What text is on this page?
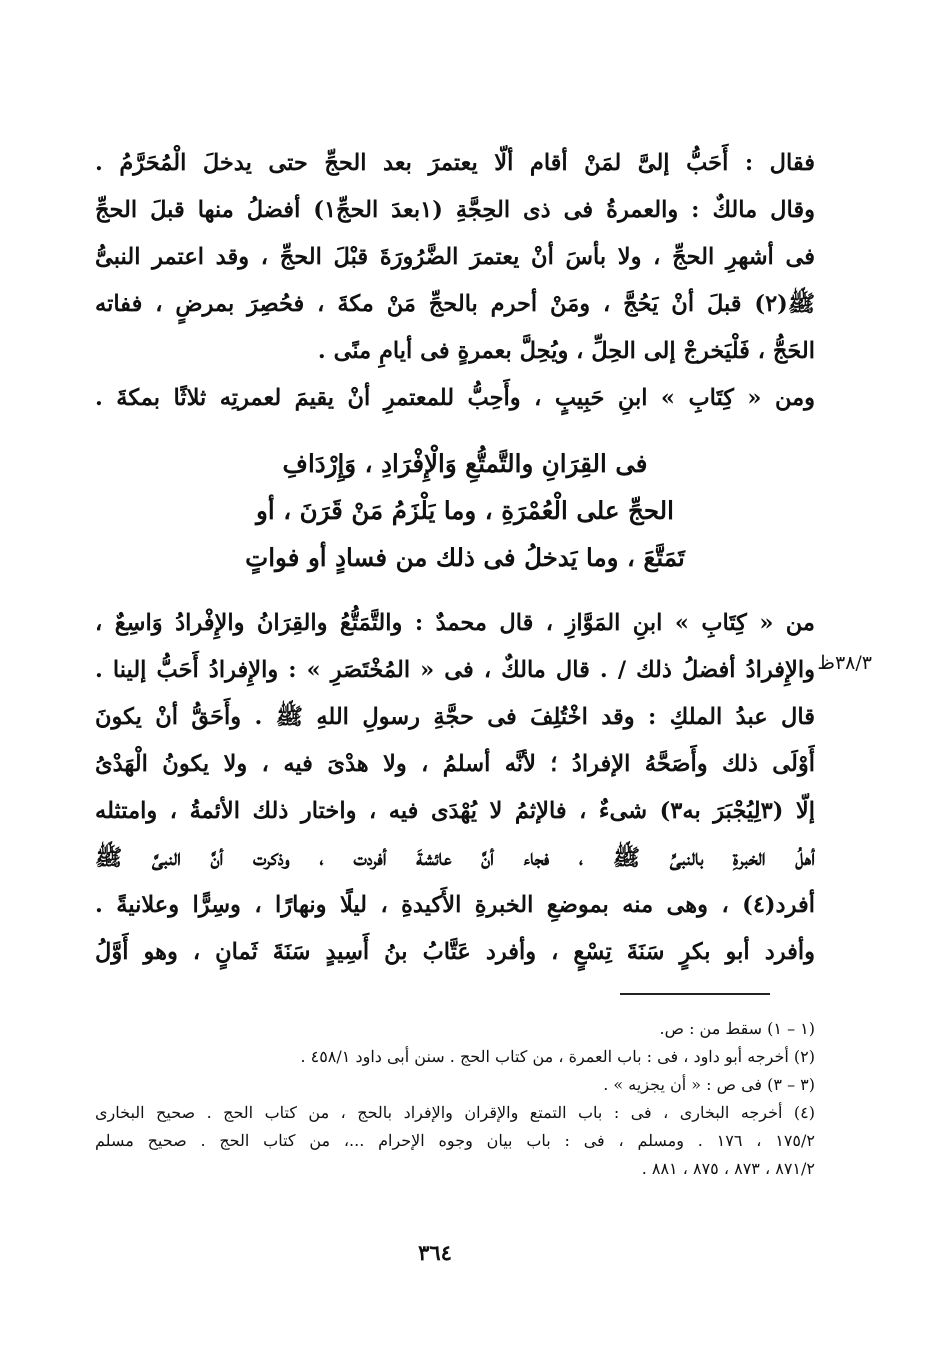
فقال : أَحَبُّ إلىَّ لمَنْ أقام ألّا يعتمرَ بعد الحجِّ حتى يدخلَ الْمُحَرَّمُ .
وقال مالكٌ : والعمرةُ فى ذى الحِجَّةِ (١بعدَ الحجِّ١) أفضلُ منها قبلَ الحجِّ
فى أشهرِ الحجِّ ، ولا بأسَ أنْ يعتمرَ الضَّرُورَةَ قبْلَ الحجِّ ، وقد اعتمر النبىُّ
ﷺ(٢) قبلَ أنْ يَحُجَّ ، ومَنْ أحرم بالحجِّ مَنْ مكةَ ، فحُصِرَ بمرضٍ ، ففاته
الحَجُّ ، فَلْيَخرجْ إلى الحِلِّ ، ويُحِلَّ بعمرةٍ فى أيامِ منًى .
ومن « كِتَابِ » ابنِ حَبِيبٍ ، وأَحِبُّ للمعتمرِ أنْ يقيمَ لعمرتِه ثلاثًا بمكةَ .
فى القِرَانِ والتَّمتُّعِ وَالْإِفْرَادِ ، وَإِرْدَافِ
الحجِّ على الْعُمْرَةِ ، وما يَلْزَمُ مَنْ قَرَنَ ، أو
تَمَتَّعَ ، وما يَدخلُ فى ذلك من فسادٍ أو فواتٍ
من « كِتَابِ » ابنِ المَوَّازِ ، قال محمدٌ : والتَّمَتُّعُ والقِرَانُ والإِفْرادُ وَاسِعٌ ،
والإِفرادُ أفضلُ ذلك / . قال مالكٌ ، فى « المُخْتَصَرِ » : والإِفرادُ أَحَبُّ إلينا .
قال عبدُ الملكِ : وقد اخْتُلِفَ فى حجَّةِ رسولِ اللهِ ﷺ . وأَحَقُّ أنْ يكونَ
أَوْلَى ذلك وأَصَحَّهُ الإفرادُ ؛ لأنَّه أسلمُ ، ولا هدْىَ فيه ، ولا يكونُ الْهَدْىُ
إلّا (٣لِيُجْبَرَ به٣) شىءٌ ، فالإثمُ لا يُهْدَى فيه ، واختار ذلك الأئمةُ ، وامتثله
أهلُ الخبرةِ بالنبىِّ ﷺ ، فجاء أنَّ عائشةَ أفردت ، وذكرت أنَّ النبىَّ ﷺ
أفرد(٤) ، وهى منه بموضعِ الخبرةِ الأَكيدةِ ، ليلًا ونهارًا ، وسِرًّا وعلانيةً .
وأفرد أبو بكرٍ سَنَةَ تِسْعٍ ، وأفرد عَتَّابُ بنُ أَسِيدٍ سَنَةَ ثَمانٍ ، وهو أَوَّلُ
٣٨/٣ظ
(١ – ١) سقط من : ص.
(٢) أخرجه أبو داود ، فى : باب العمرة ، من كتاب الحج . سنن أبى داود ٤٥٨/١ .
(٣ – ٣) فى ص : « أن يجزيه » .
(٤) أخرجه البخارى ، فى : باب التمتع والإقران والإفراد بالحج ، من كتاب الحج . صحيح البخارى
١٧٥/٢ ، ١٧٦ . ومسلم ، فى : باب بيان وجوه الإحرام ...، من كتاب الحج . صحيح مسلم
٨٧١/٢ ، ٨٧٣ ، ٨٧٥ ، ٨٨١ .
٣٦٤
